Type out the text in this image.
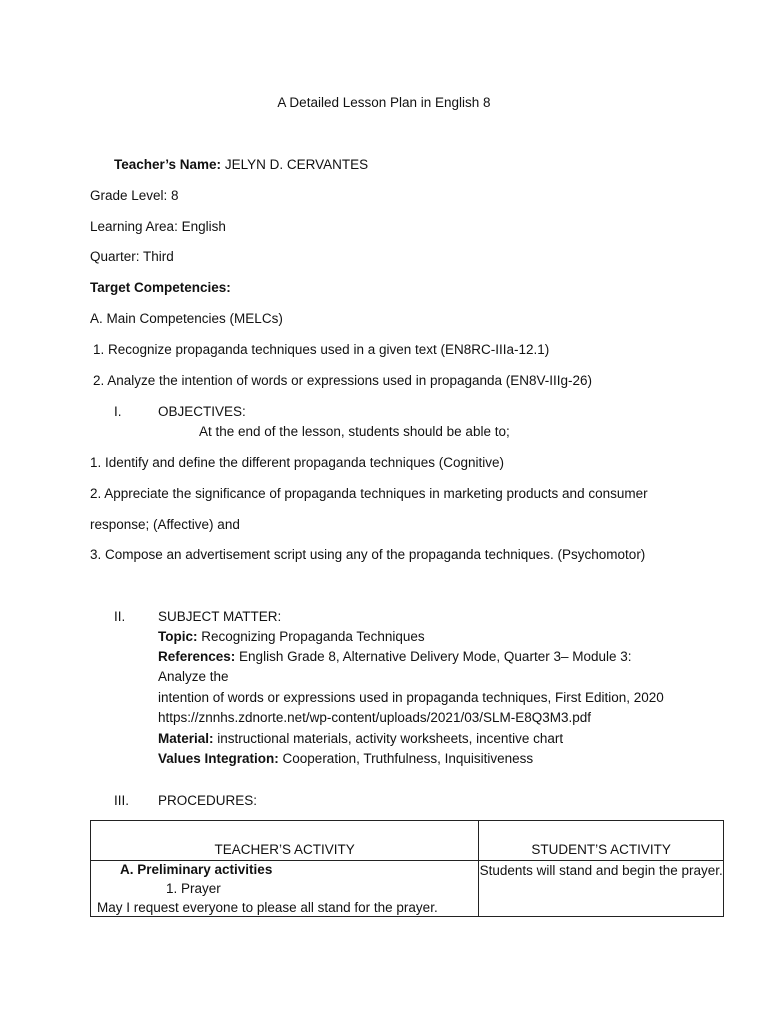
A Detailed Lesson Plan in English 8
Teacher’s Name: JELYN D. CERVANTES
Grade Level: 8
Learning Area: English
Quarter: Third
Target Competencies:
A. Main Competencies (MELCs)
1. Recognize propaganda techniques used in a given text (EN8RC-IIIa-12.1)
2. Analyze the intention of words or expressions used in propaganda (EN8V-IIIg-26)
I.	OBJECTIVES:
At the end of the lesson, students should be able to;
1. Identify and define the different propaganda techniques (Cognitive)
2. Appreciate the significance of propaganda techniques in marketing products and consumer
response; (Affective) and
3. Compose an advertisement script using any of the propaganda techniques. (Psychomotor)
II. SUBJECT MATTER:
Topic: Recognizing Propaganda Techniques
References: English Grade 8, Alternative Delivery Mode, Quarter 3– Module 3:
Analyze the
intention of words or expressions used in propaganda techniques, First Edition, 2020
https://znnhs.zdnorte.net/wp-content/uploads/2021/03/SLM-E8Q3M3.pdf
Material: instructional materials, activity worksheets, incentive chart
Values Integration: Cooperation, Truthfulness, Inquisitiveness
III. PROCEDURES:
TEACHER’S ACTIVITY	STUDENT’S ACTIVITY

A. Preliminary activities
1. Prayer
May I request everyone to please all stand for the prayer.	Students will stand and begin the prayer.
